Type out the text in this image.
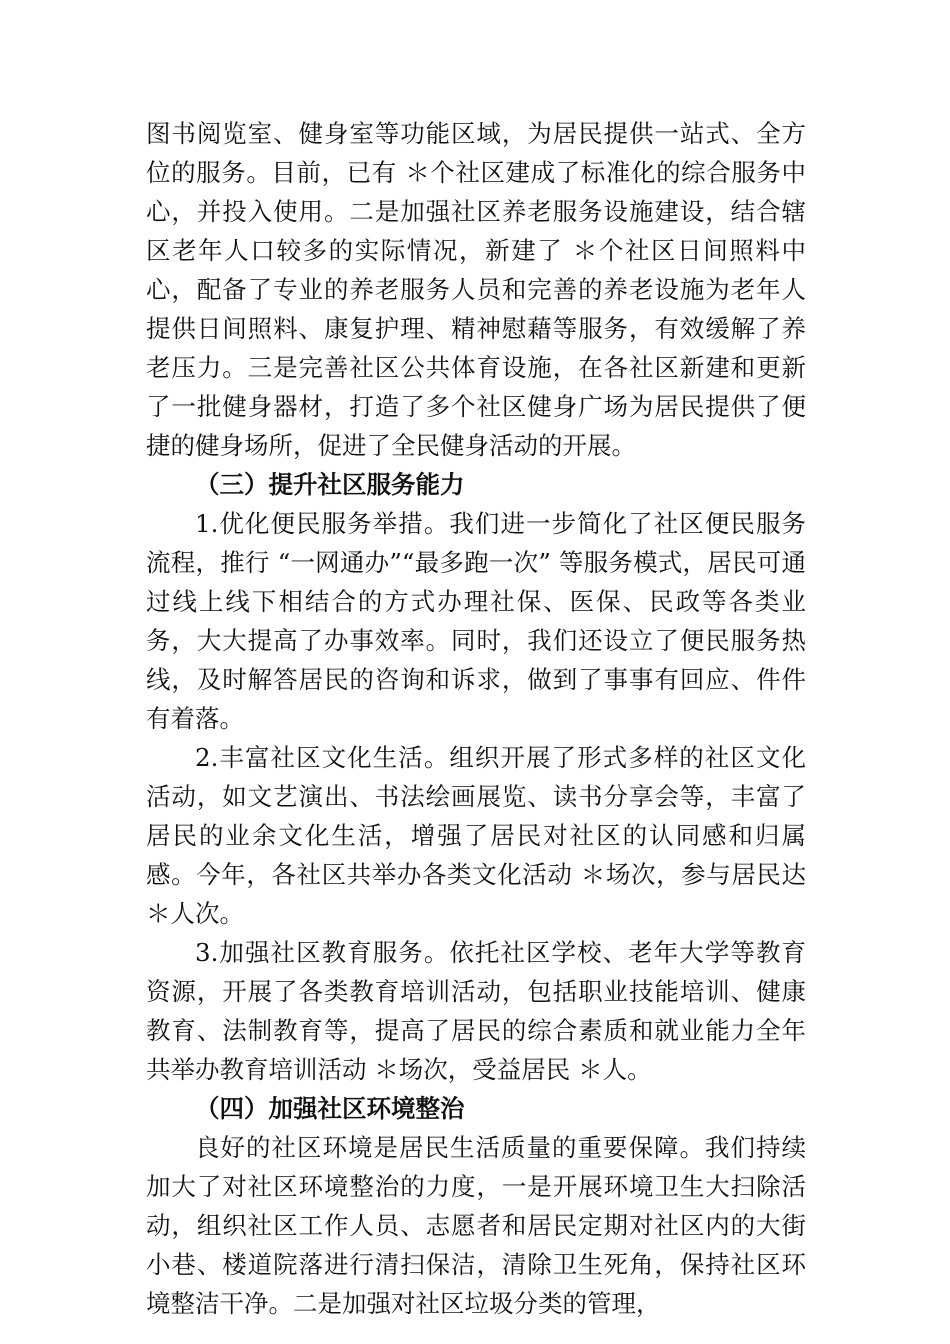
图书阅览室、健身室等功能区域，为居民提供一站式、全方位的服务。目前，已有 ＊个社区建成了标准化的综合服务中心，并投入使用。二是加强社区养老服务设施建设，结合辖区老年人口较多的实际情况，新建了 ＊个社区日间照料中心，配备了专业的养老服务人员和完善的养老设施为老年人提供日间照料、康复护理、精神慰藉等服务，有效缓解了养老压力。三是完善社区公共体育设施，在各社区新建和更新了一批健身器材，打造了多个社区健身广场为居民提供了便捷的健身场所，促进了全民健身活动的开展。

（三）提升社区服务能力

1.优化便民服务举措。我们进一步简化了社区便民服务流程，推行 “一网通办”“最多跑一次” 等服务模式，居民可通过线上线下相结合的方式办理社保、医保、民政等各类业务，大大提高了办事效率。同时，我们还设立了便民服务热线，及时解答居民的咨询和诉求，做到了事事有回应、件件有着落。

2.丰富社区文化生活。组织开展了形式多样的社区文化活动，如文艺演出、书法绘画展览、读书分享会等，丰富了居民的业余文化生活，增强了居民对社区的认同感和归属感。今年，各社区共举办各类文化活动 ＊场次，参与居民达 ＊人次。

3.加强社区教育服务。依托社区学校、老年大学等教育资源，开展了各类教育培训活动，包括职业技能培训、健康教育、法制教育等，提高了居民的综合素质和就业能力全年共举办教育培训活动 ＊场次，受益居民 ＊人。

（四）加强社区环境整治

良好的社区环境是居民生活质量的重要保障。我们持续加大了对社区环境整治的力度，一是开展环境卫生大扫除活动，组织社区工作人员、志愿者和居民定期对社区内的大街小巷、楼道院落进行清扫保洁，清除卫生死角，保持社区环境整洁干净。二是加强对社区垃圾分类的管理，
